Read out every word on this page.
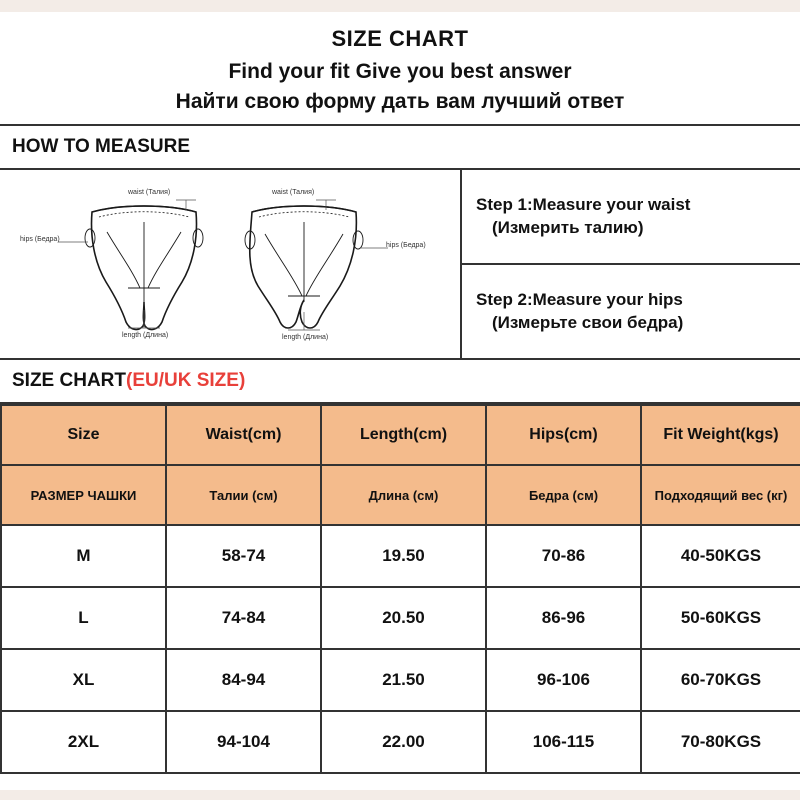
SIZE CHART
Find your fit Give you best answer
Найти свою форму дать вам лучший ответ
HOW TO MEASURE
waist (Талия)	waist (Талия)
hips (Бедра)
hips (Бедра)
length (Длина)	length (Длина)
Step 1:Measure your waist
(Измерить талию)
Step 2:Measure your hips
(Измерьте свои бедра)
SIZE CHART(EU/UK SIZE)
Size	Waist(cm)	Length(cm)	Hips(cm)	Fit Weight(kgs)
РАЗМЕР ЧАШКИ	Талии (см)	Длина (см)	Бедра (см)	Подходящий вес (кг)
M	58-74	19.50	70-86	40-50KGS
L	74-84	20.50	86-96	50-60KGS
XL	84-94	21.50	96-106	60-70KGS
2XL	94-104	22.00	106-115	70-80KGS
